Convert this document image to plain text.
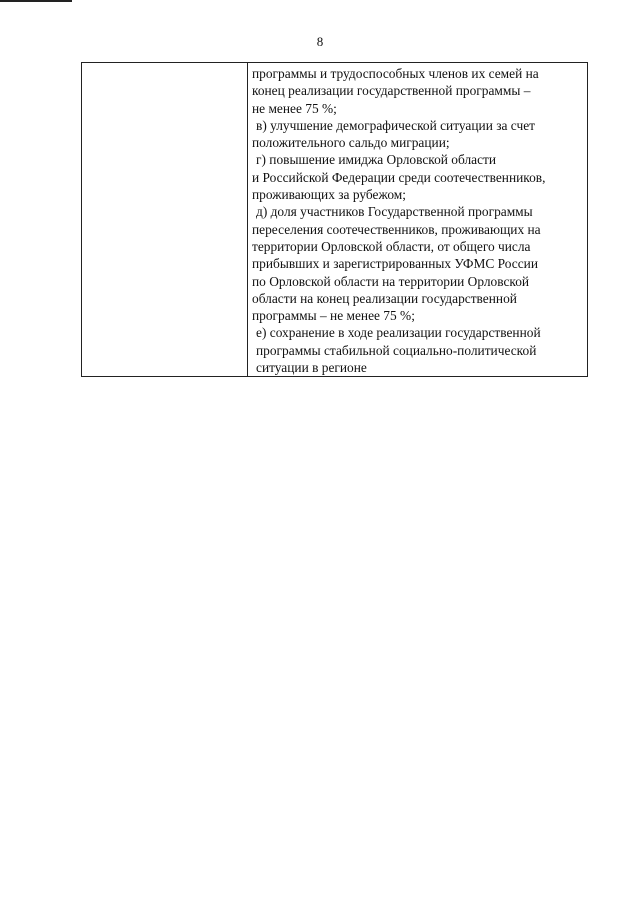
8
программы и трудоспособных членов их семей на
конец реализации государственной программы –
не менее 75 %;
в) улучшение демографической ситуации за счет
положительного сальдо миграции;
г) повышение имиджа Орловской области
и Российской Федерации среди соотечественников,
проживающих за рубежом;
д) доля участников Государственной программы
переселения соотечественников, проживающих на
территории Орловской области, от общего числа
прибывших и зарегистрированных УФМС России
по Орловской области на территории Орловской
области на конец реализации государственной
программы – не менее 75 %;
е) сохранение в ходе реализации государственной
программы стабильной социально-политической
ситуации в регионе
